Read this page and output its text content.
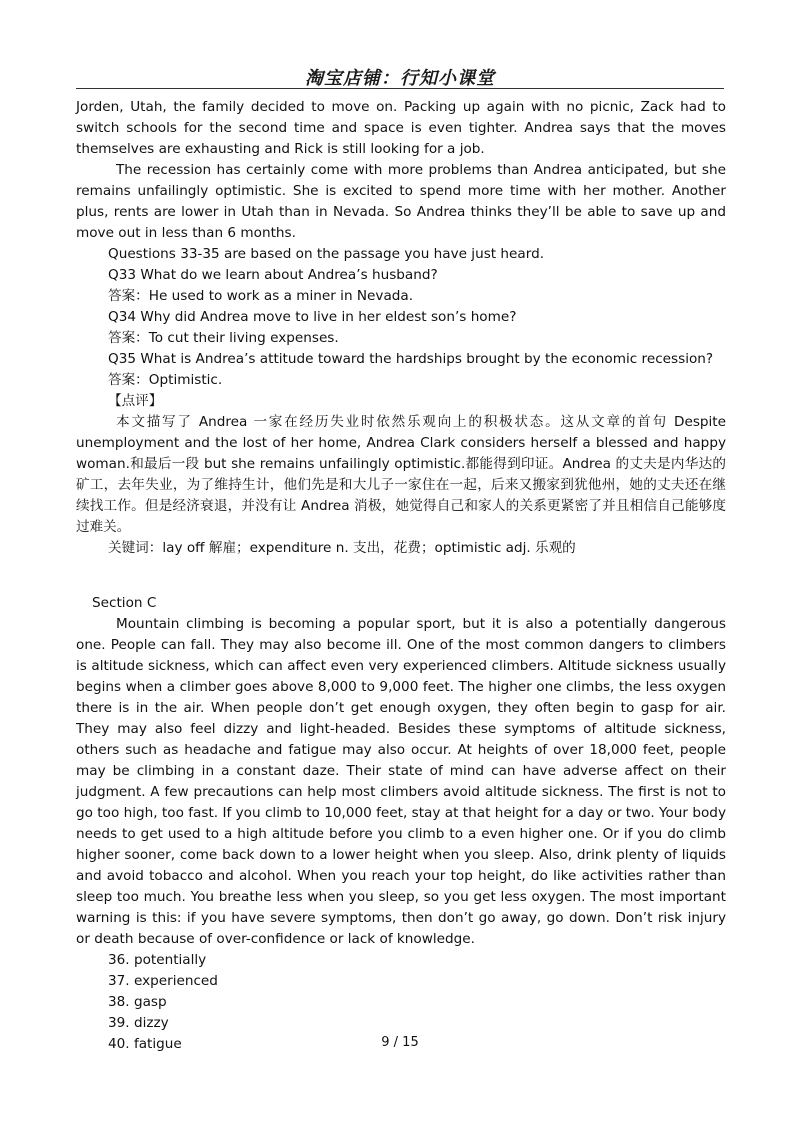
淘宝店铺：行知小课堂

Jorden, Utah, the family decided to move on. Packing up again with no picnic, Zack had to switch schools for the second time and space is even tighter. Andrea says that the moves themselves are exhausting and Rick is still looking for a job.

The recession has certainly come with more problems than Andrea anticipated, but she remains unfailingly optimistic. She is excited to spend more time with her mother. Another plus, rents are lower in Utah than in Nevada. So Andrea thinks they’ll be able to save up and move out in less than 6 months.

Questions 33-35 are based on the passage you have just heard.

Q33 What do we learn about Andrea’s husband?

答案：He used to work as a miner in Nevada.

Q34 Why did Andrea move to live in her eldest son’s home?

答案：To cut their living expenses.

Q35 What is Andrea’s attitude toward the hardships brought by the economic recession?

答案：Optimistic.

【点评】

本文描写了 Andrea 一家在经历失业时依然乐观向上的积极状态。这从文章的首句 Despite unemployment and the lost of her home, Andrea Clark considers herself a blessed and happy woman.和最后一段 but she remains unfailingly optimistic.都能得到印证。Andrea 的丈夫是内华达的矿工，去年失业，为了维持生计，他们先是和大儿子一家住在一起，后来又搬家到犹他州，她的丈夫还在继续找工作。但是经济衰退，并没有让 Andrea 消极，她觉得自己和家人的关系更紧密了并且相信自己能够度过难关。

关键词：lay off 解雇；expenditure n. 支出，花费；optimistic adj. 乐观的

Section C

Mountain climbing is becoming a popular sport, but it is also a potentially dangerous one. People can fall. They may also become ill. One of the most common dangers to climbers is altitude sickness, which can affect even very experienced climbers. Altitude sickness usually begins when a climber goes above 8,000 to 9,000 feet. The higher one climbs, the less oxygen there is in the air. When people don’t get enough oxygen, they often begin to gasp for air. They may also feel dizzy and light-headed. Besides these symptoms of altitude sickness, others such as headache and fatigue may also occur. At heights of over 18,000 feet, people may be climbing in a constant daze. Their state of mind can have adverse affect on their judgment. A few precautions can help most climbers avoid altitude sickness. The first is not to go too high, too fast. If you climb to 10,000 feet, stay at that height for a day or two. Your body needs to get used to a high altitude before you climb to a even higher one. Or if you do climb higher sooner, come back down to a lower height when you sleep. Also, drink plenty of liquids and avoid tobacco and alcohol. When you reach your top height, do like activities rather than sleep too much. You breathe less when you sleep, so you get less oxygen. The most important warning is this: if you have severe symptoms, then don’t go away, go down. Don’t risk injury or death because of over-confidence or lack of knowledge.

36. potentially

37. experienced

38. gasp

39. dizzy

40. fatigue	9 / 15
